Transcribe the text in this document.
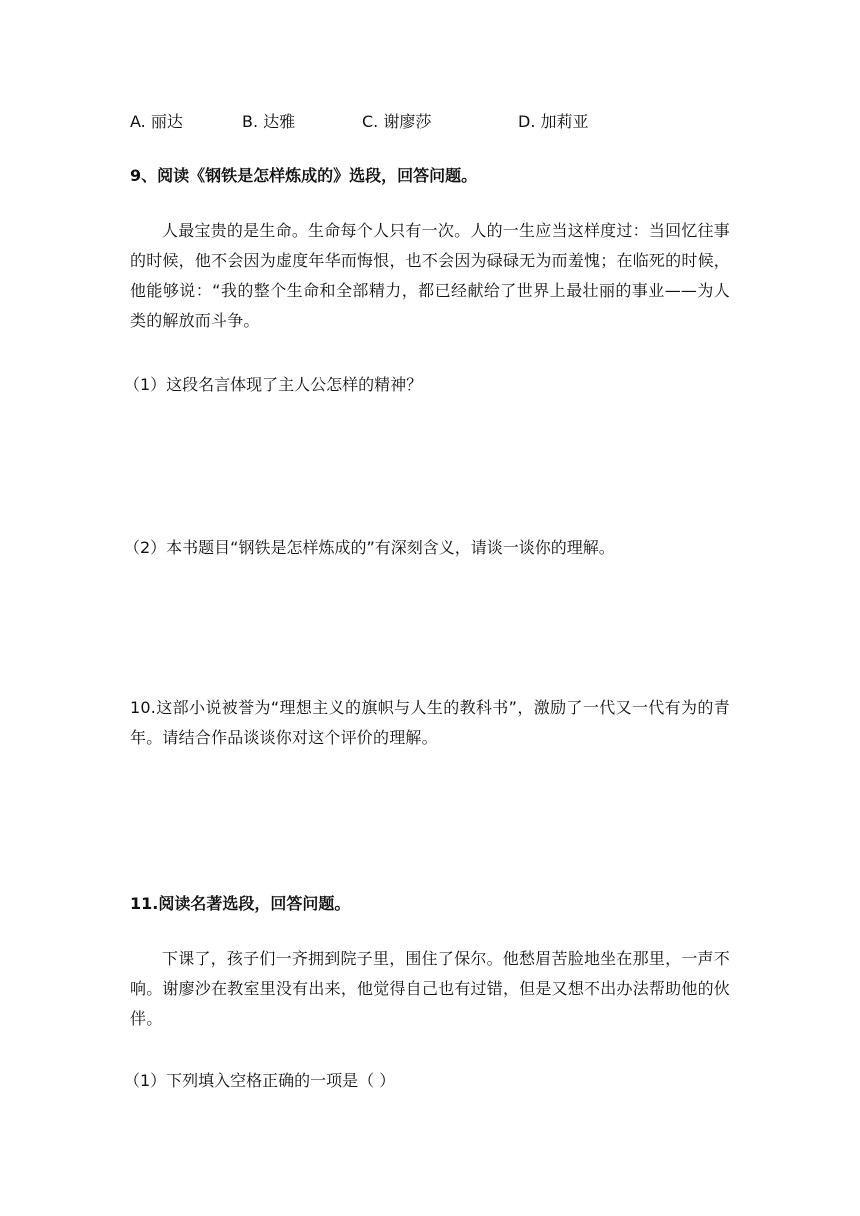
A. 丽达	B. 达雅	C. 谢廖莎	D. 加莉亚
9、阅读《钢铁是怎样炼成的》选段，回答问题。
人最宝贵的是生命。生命每个人只有一次。人的一生应当这样度过：当回忆往事的时候，他不会因为虚度年华而悔恨，也不会因为碌碌无为而羞愧；在临死的时候，他能够说：“我的整个生命和全部精力，都已经献给了世界上最壮丽的事业——为人类的解放而斗争。
（1）这段名言体现了主人公怎样的精神？
（2）本书题目“钢铁是怎样炼成的”有深刻含义，请谈一谈你的理解。
10.这部小说被誉为“理想主义的旗帜与人生的教科书”，激励了一代又一代有为的青年。请结合作品谈谈你对这个评价的理解。
11.阅读名著选段，回答问题。
下课了，孩子们一齐拥到院子里，围住了保尔。他愁眉苦脸地坐在那里，一声不响。谢廖沙在教室里没有出来，他觉得自己也有过错，但是又想不出办法帮助他的伙伴。
（1）下列填入空格正确的一项是（ ）
